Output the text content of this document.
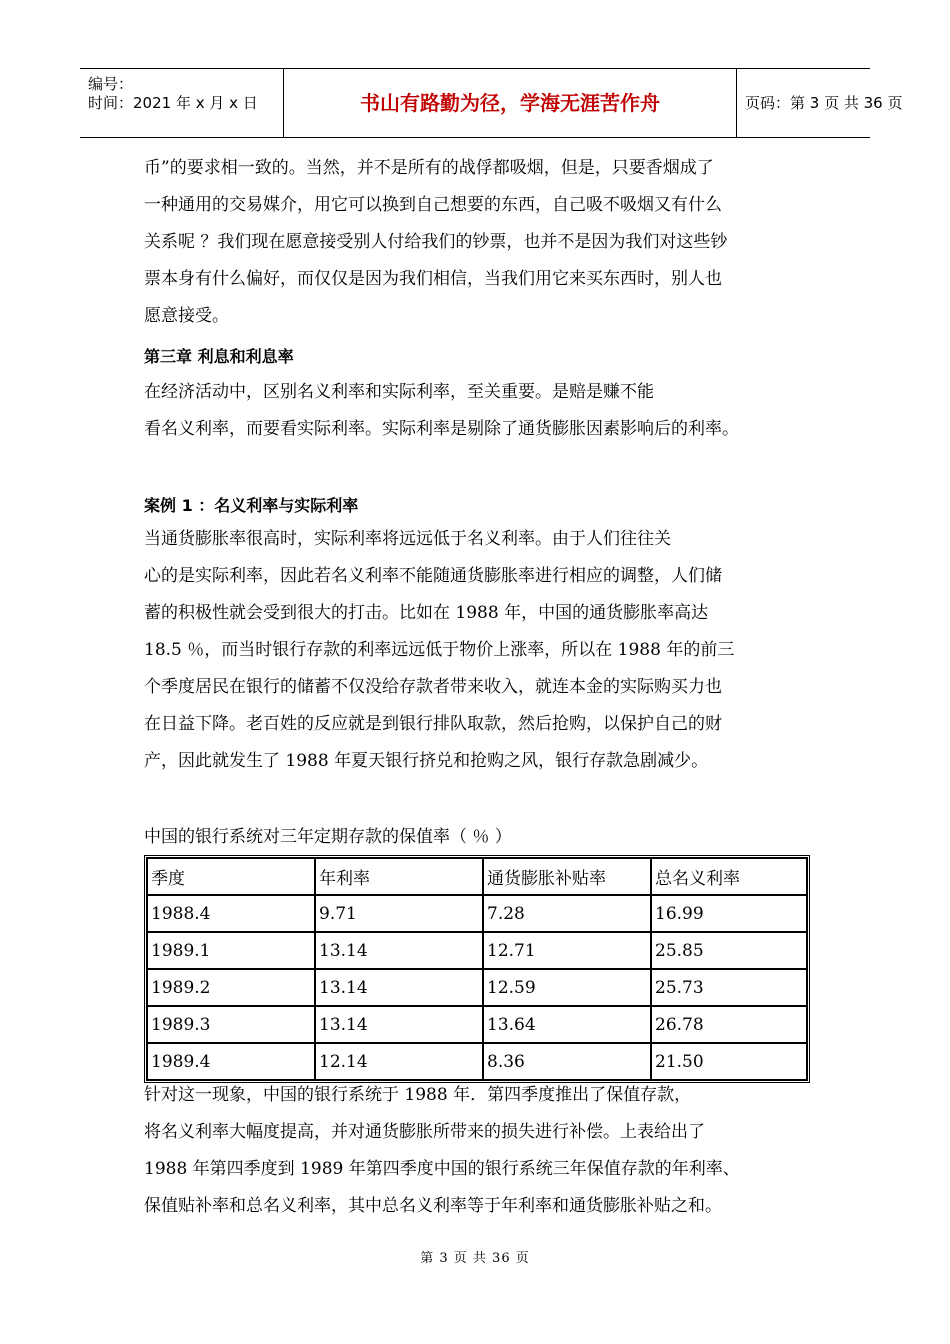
编号：
时间：2021 年 x 月 x 日	书山有路勤为径，学海无涯苦作舟	页码：第 3 页 共 36 页
币”的要求相一致的。当然，并不是所有的战俘都吸烟，但是，只要香烟成了
一种通用的交易媒介，用它可以换到自己想要的东西，自己吸不吸烟又有什么
关系呢 ？我们现在愿意接受别人付给我们的钞票，也并不是因为我们对这些钞
票本身有什么偏好，而仅仅是因为我们相信，当我们用它来买东西时，别人也
愿意接受。
第三章 利息和利息率
在经济活动中，区别名义利率和实际利率，至关重要。是赔是赚不能
看名义利率，而要看实际利率。实际利率是剔除了通货膨胀因素影响后的利率。
案例 1 ：名义利率与实际利率
当通货膨胀率很高时，实际利率将远远低于名义利率。由于人们往往关
心的是实际利率，因此若名义利率不能随通货膨胀率进行相应的调整，人们储
蓄的积极性就会受到很大的打击。比如在 1988 年，中国的通货膨胀率高达
18.5 ％，而当时银行存款的利率远远低于物价上涨率，所以在 1988 年的前三
个季度居民在银行的储蓄不仅没给存款者带来收入，就连本金的实际购买力也
在日益下降。老百姓的反应就是到银行排队取款，然后抢购，以保护自己的财
产，因此就发生了 1988 年夏天银行挤兑和抢购之风，银行存款急剧减少。
中国的银行系统对三年定期存款的保值率（ ％ ）
季度	年利率	通货膨胀补贴率	总名义利率
1988.4	9.71	7.28	16.99
1989.1	13.14	12.71	25.85
1989.2	13.14	12.59	25.73
1989.3	13.14	13.64	26.78
1989.4	12.14	8.36	21.50
针对这一现象，中国的银行系统于 1988 年．第四季度推出了保值存款，
将名义利率大幅度提高，并对通货膨胀所带来的损失进行补偿。上表给出了
1988 年第四季度到 1989 年第四季度中国的银行系统三年保值存款的年利率、
保值贴补率和总名义利率，其中总名义利率等于年利率和通货膨胀补贴之和。
第 3 页 共 36 页
